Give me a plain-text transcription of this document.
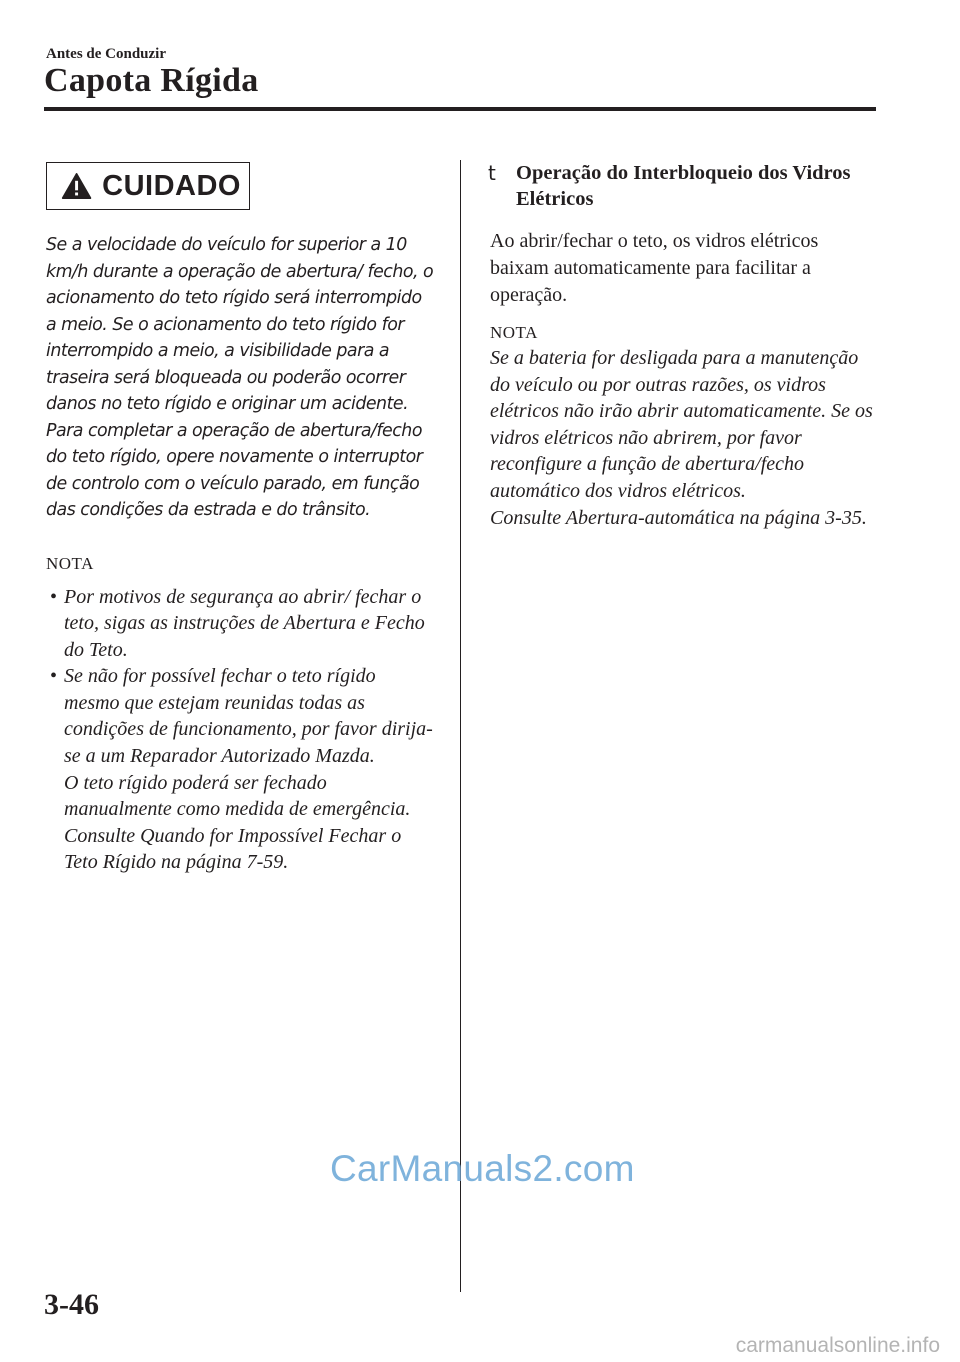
Antes de Conduzir
Capota Rígida
CUIDADO

Se a velocidade do veículo for superior a 10 km/h durante a operação de abertura/ fecho, o acionamento do teto rígido será interrompido a meio. Se o acionamento do teto rígido for interrompido a meio, a visibilidade para a traseira será bloqueada ou poderão ocorrer danos no teto rígido e originar um acidente. Para completar a operação de abertura/fecho do teto rígido, opere novamente o interruptor de controlo com o veículo parado, em função das condições da estrada e do trânsito.

NOTA
• Por motivos de segurança ao abrir/ fechar o teto, sigas as instruções de Abertura e Fecho do Teto.
• Se não for possível fechar o teto rígido mesmo que estejam reunidas todas as condições de funcionamento, por favor dirija-se a um Reparador Autorizado Mazda.
O teto rígido poderá ser fechado manualmente como medida de emergência.
Consulte Quando for Impossível Fechar o Teto Rígido na página 7-59.
t Operação do Interbloqueio dos Vidros Elétricos

Ao abrir/fechar o teto, os vidros elétricos baixam automaticamente para facilitar a operação.

NOTA

Se a bateria for desligada para a manutenção do veículo ou por outras razões, os vidros elétricos não irão abrir automaticamente. Se os vidros elétricos não abrirem, por favor reconfigure a função de abertura/fecho automático dos vidros elétricos.
Consulte Abertura-automática na página 3-35.

CarManuals2.com
3-46
carmanualsonline.info
